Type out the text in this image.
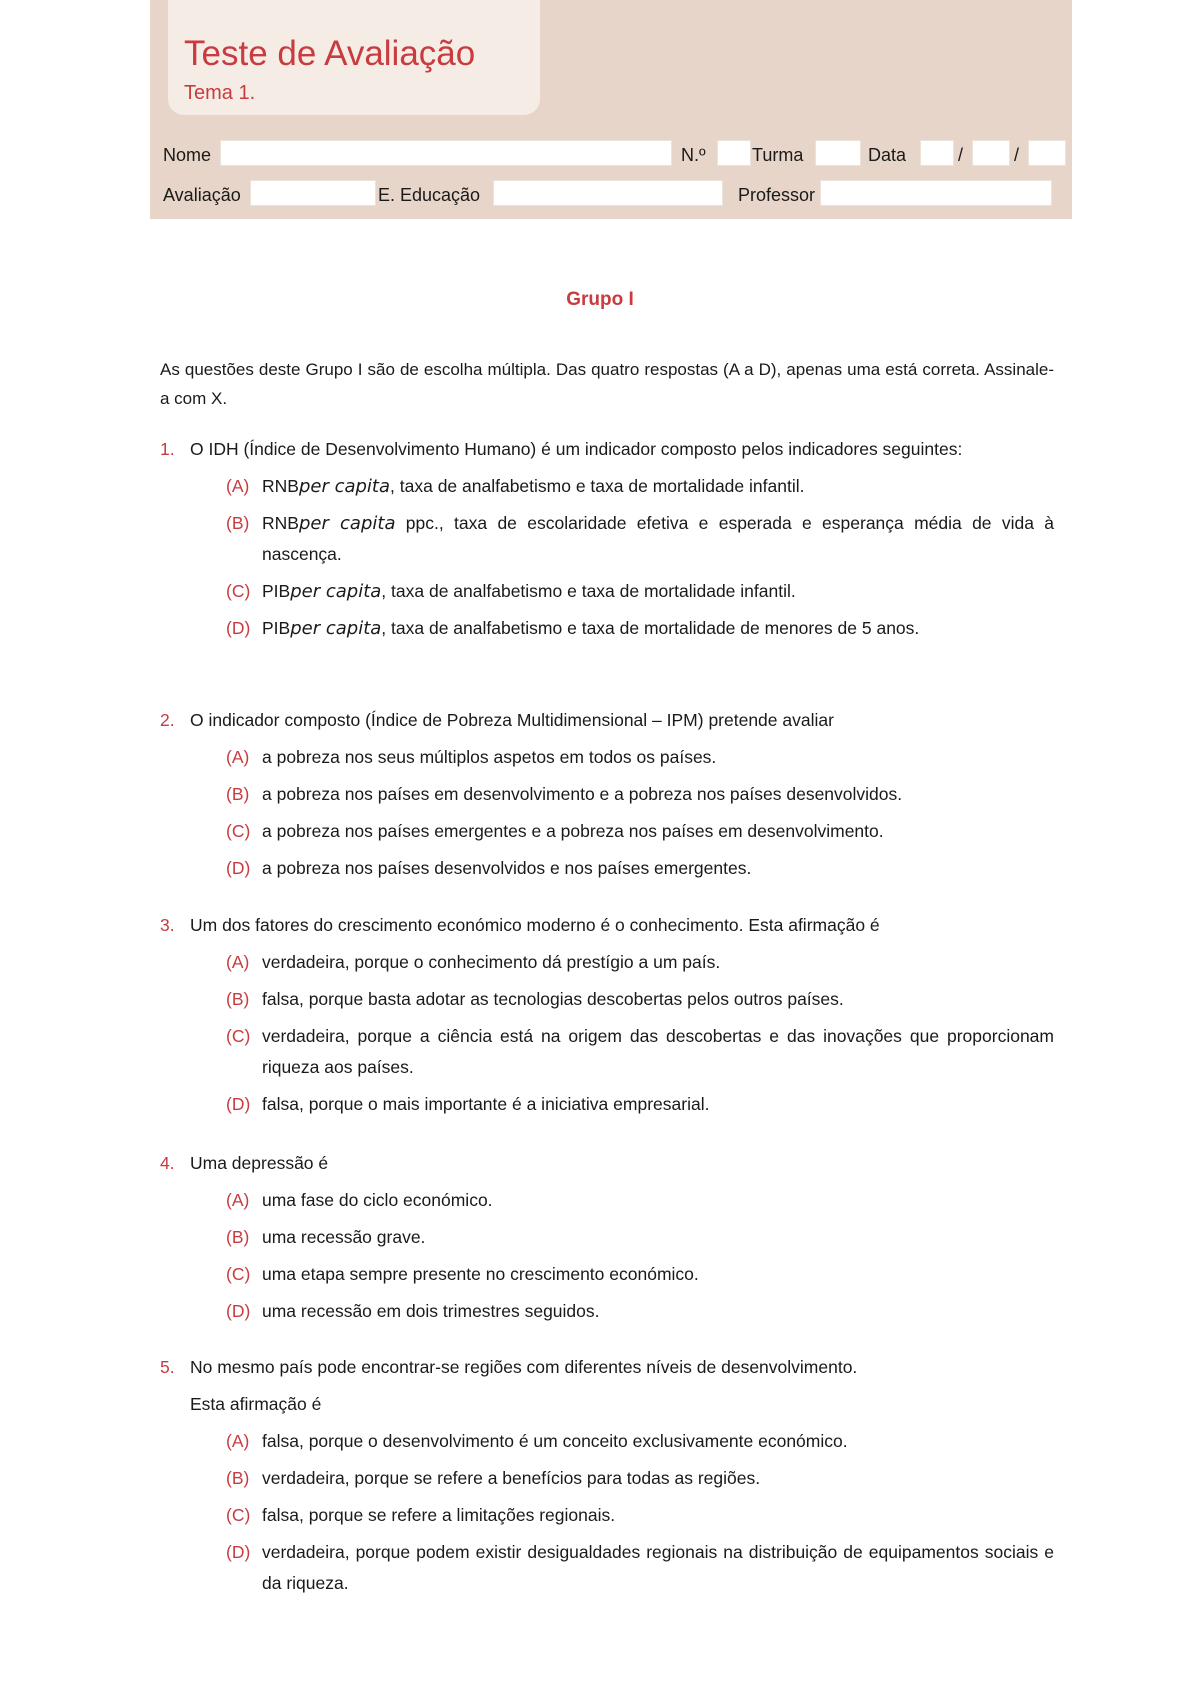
Teste de Avaliação
Tema 1.
Nome	N.º	Turma	Data	/	/
Avaliação	E. Educação	Professor
Grupo I
As questões deste Grupo I são de escolha múltipla. Das quatro respostas (A a D), apenas uma está correta. Assinale-a com X.
1. O IDH (Índice de Desenvolvimento Humano) é um indicador composto pelos indicadores seguintes:
(A) RNBper capita, taxa de analfabetismo e taxa de mortalidade infantil.
(B) RNBper capita ppc., taxa de escolaridade efetiva e esperada e esperança média de vida à nascença.
(C) PIBper capita, taxa de analfabetismo e taxa de mortalidade infantil.
(D) PIBper capita, taxa de analfabetismo e taxa de mortalidade de menores de 5 anos.
2. O indicador composto (Índice de Pobreza Multidimensional – IPM) pretende avaliar
(A) a pobreza nos seus múltiplos aspetos em todos os países.
(B) a pobreza nos países em desenvolvimento e a pobreza nos países desenvolvidos.
(C) a pobreza nos países emergentes e a pobreza nos países em desenvolvimento.
(D) a pobreza nos países desenvolvidos e nos países emergentes.
3. Um dos fatores do crescimento económico moderno é o conhecimento. Esta afirmação é
(A) verdadeira, porque o conhecimento dá prestígio a um país.
(B) falsa, porque basta adotar as tecnologias descobertas pelos outros países.
(C) verdadeira, porque a ciência está na origem das descobertas e das inovações que proporcionam riqueza aos países.
(D) falsa, porque o mais importante é a iniciativa empresarial.
4. Uma depressão é
(A) uma fase do ciclo económico.
(B) uma recessão grave.
(C) uma etapa sempre presente no crescimento económico.
(D) uma recessão em dois trimestres seguidos.
5. No mesmo país pode encontrar-se regiões com diferentes níveis de desenvolvimento.
Esta afirmação é
(A) falsa, porque o desenvolvimento é um conceito exclusivamente económico.
(B) verdadeira, porque se refere a benefícios para todas as regiões.
(C) falsa, porque se refere a limitações regionais.
(D) verdadeira, porque podem existir desigualdades regionais na distribuição de equipamentos sociais e da riqueza.
